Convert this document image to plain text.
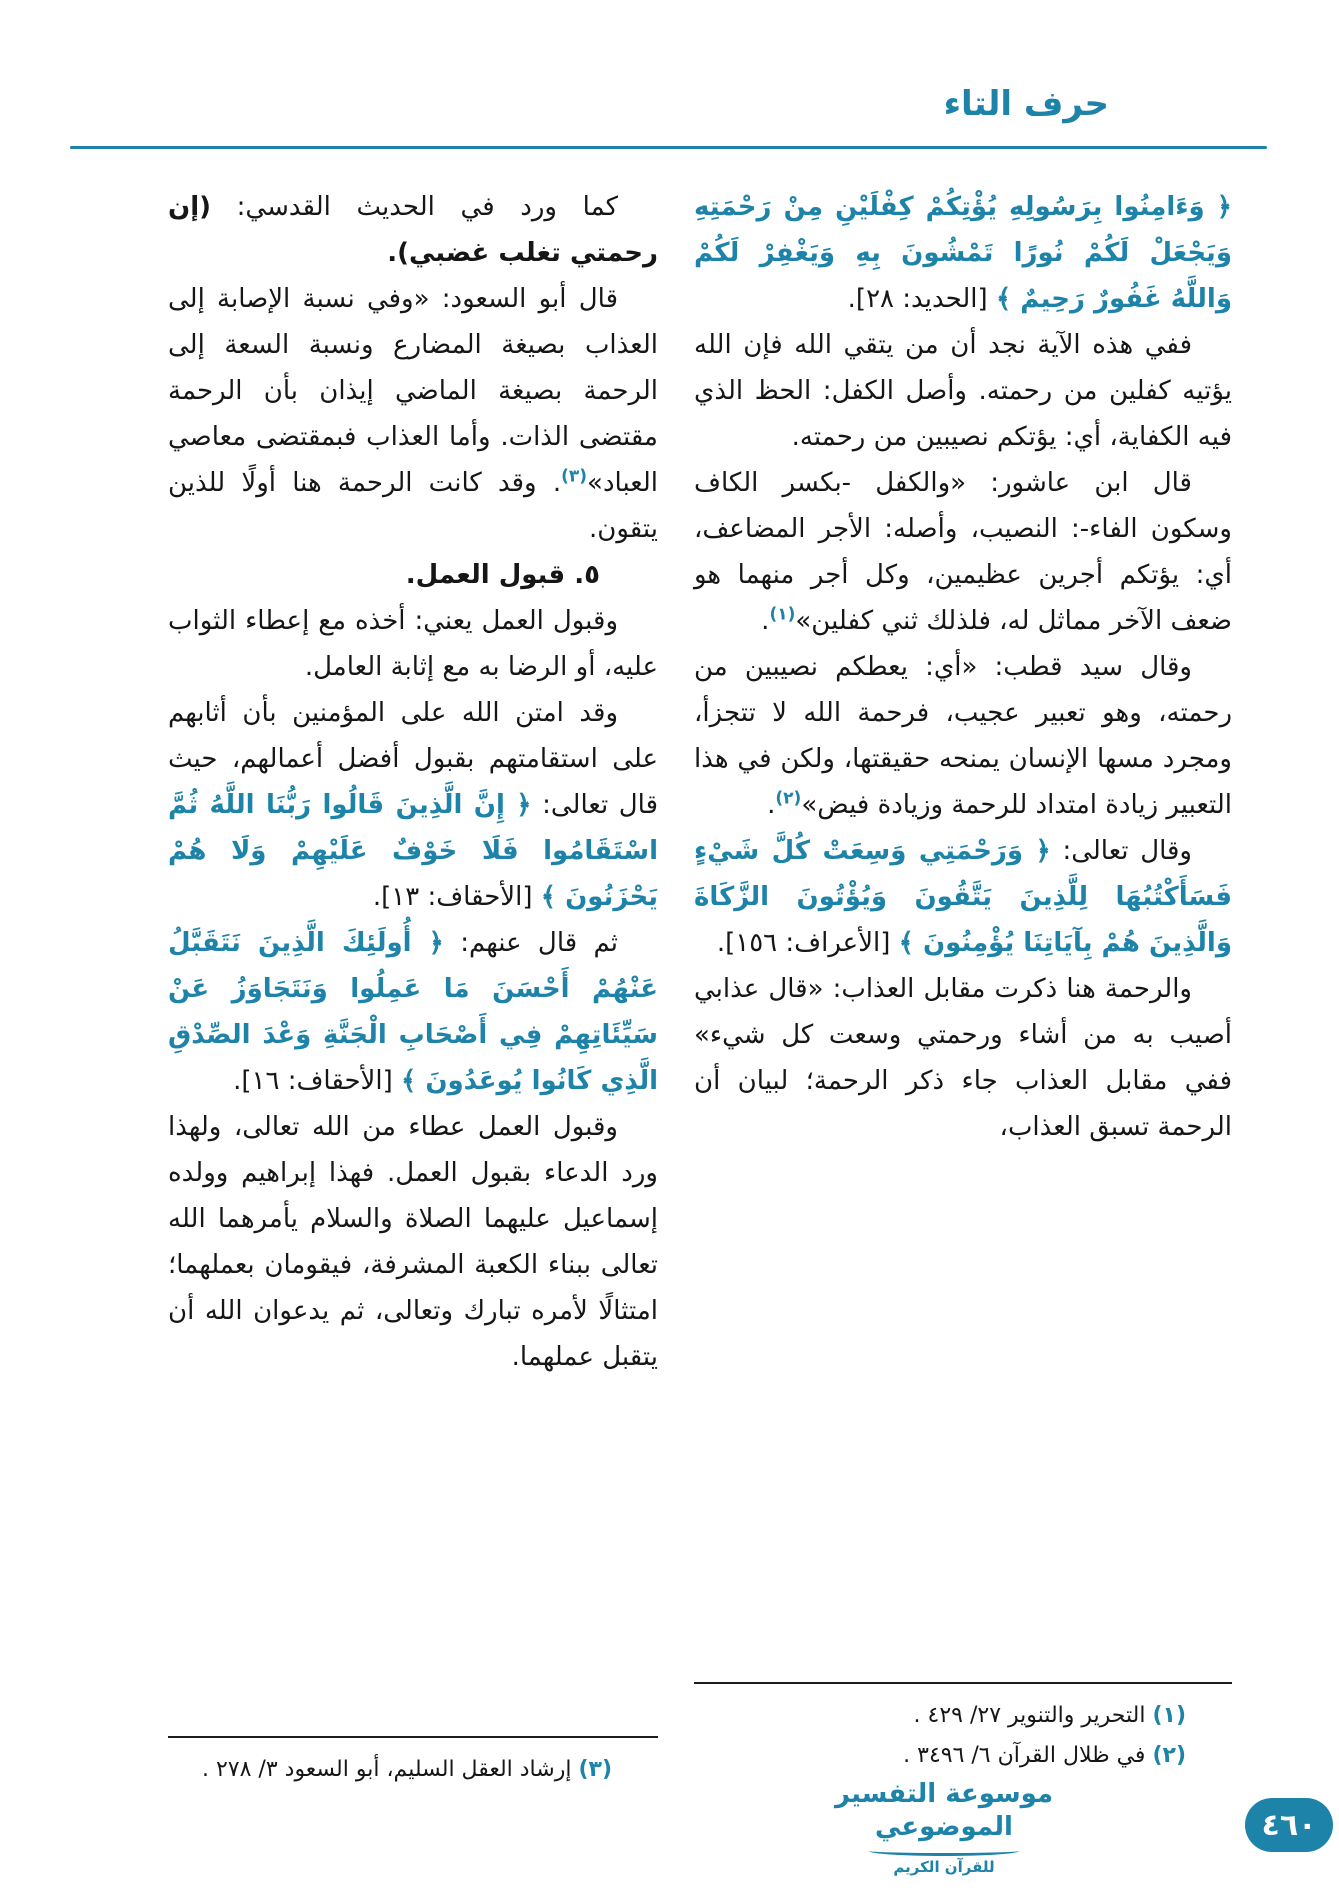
حرف التاء

﴿ وَءَامِنُوا بِرَسُولِهِ يُؤْتِكُمْ كِفْلَيْنِ مِنْ رَحْمَتِهِ وَيَجْعَلْ لَكُمْ نُورًا تَمْشُونَ بِهِ وَيَغْفِرْ لَكُمْ وَاللَّهُ غَفُورٌ رَحِيمٌ ﴾ [الحديد: ٢٨].

ففي هذه الآية نجد أن من يتقي الله فإن الله يؤتيه كفلين من رحمته. وأصل الكفل: الحظ الذي فيه الكفاية، أي: يؤتكم نصيبين من رحمته.

قال ابن عاشور: «والكفل -بكسر الكاف وسكون الفاء-: النصيب، وأصله: الأجر المضاعف، أي: يؤتكم أجرين عظيمين، وكل أجر منهما هو ضعف الآخر مماثل له، فلذلك ثني كفلين»$^{(١)}$.

وقال سيد قطب: «أي: يعطكم نصيبين من رحمته، وهو تعبير عجيب، فرحمة الله لا تتجزأ، ومجرد مسها الإنسان يمنحه حقيقتها، ولكن في هذا التعبير زيادة امتداد للرحمة وزيادة فيض»$^{(٢)}$.

وقال تعالى: ﴿ وَرَحْمَتِي وَسِعَتْ كُلَّ شَيْءٍ فَسَأَكْتُبُهَا لِلَّذِينَ يَتَّقُونَ وَيُؤْتُونَ الزَّكَاةَ وَالَّذِينَ هُمْ بِآيَاتِنَا يُؤْمِنُونَ ﴾ [الأعراف: ١٥٦].

والرحمة هنا ذكرت مقابل العذاب: «قال عذابي أصيب به من أشاء ورحمتي وسعت كل شيء» ففي مقابل العذاب جاء ذكر الرحمة؛ لبيان أن الرحمة تسبق العذاب،

(١) التحرير والتنوير ٢٧/ ٤٢٩ .

(٢) في ظلال القرآن ٦/ ٣٤٩٦ .

كما ورد في الحديث القدسي: (إن رحمتي تغلب غضبي).

قال أبو السعود: «وفي نسبة الإصابة إلى العذاب بصيغة المضارع ونسبة السعة إلى الرحمة بصيغة الماضي إيذان بأن الرحمة مقتضى الذات. وأما العذاب فبمقتضى معاصي العباد»$^{(٣)}$. وقد كانت الرحمة هنا أولًا للذين يتقون.

٥. قبول العمل.

وقبول العمل يعني: أخذه مع إعطاء الثواب عليه، أو الرضا به مع إثابة العامل.

وقد امتن الله على المؤمنين بأن أثابهم على استقامتهم بقبول أفضل أعمالهم، حيث قال تعالى: ﴿ إِنَّ الَّذِينَ قَالُوا رَبُّنَا اللَّهُ ثُمَّ اسْتَقَامُوا فَلَا خَوْفٌ عَلَيْهِمْ وَلَا هُمْ يَحْزَنُونَ ﴾ [الأحقاف: ١٣].

ثم قال عنهم: ﴿ أُولَئِكَ الَّذِينَ نَتَقَبَّلُ عَنْهُمْ أَحْسَنَ مَا عَمِلُوا وَنَتَجَاوَزُ عَنْ سَيِّئَاتِهِمْ فِي أَصْحَابِ الْجَنَّةِ وَعْدَ الصِّدْقِ الَّذِي كَانُوا يُوعَدُونَ ﴾ [الأحقاف: ١٦].

وقبول العمل عطاء من الله تعالى، ولهذا ورد الدعاء بقبول العمل. فهذا إبراهيم وولده إسماعيل عليهما الصلاة والسلام يأمرهما الله تعالى ببناء الكعبة المشرفة، فيقومان بعملهما؛ امتثالًا لأمره تبارك وتعالى، ثم يدعوان الله أن يتقبل عملهما.

(٣) إرشاد العقل السليم، أبو السعود ٣/ ٢٧٨ .

موسوعة التفسير الموضوعي
للقرآن الكريم
٤٦٠
